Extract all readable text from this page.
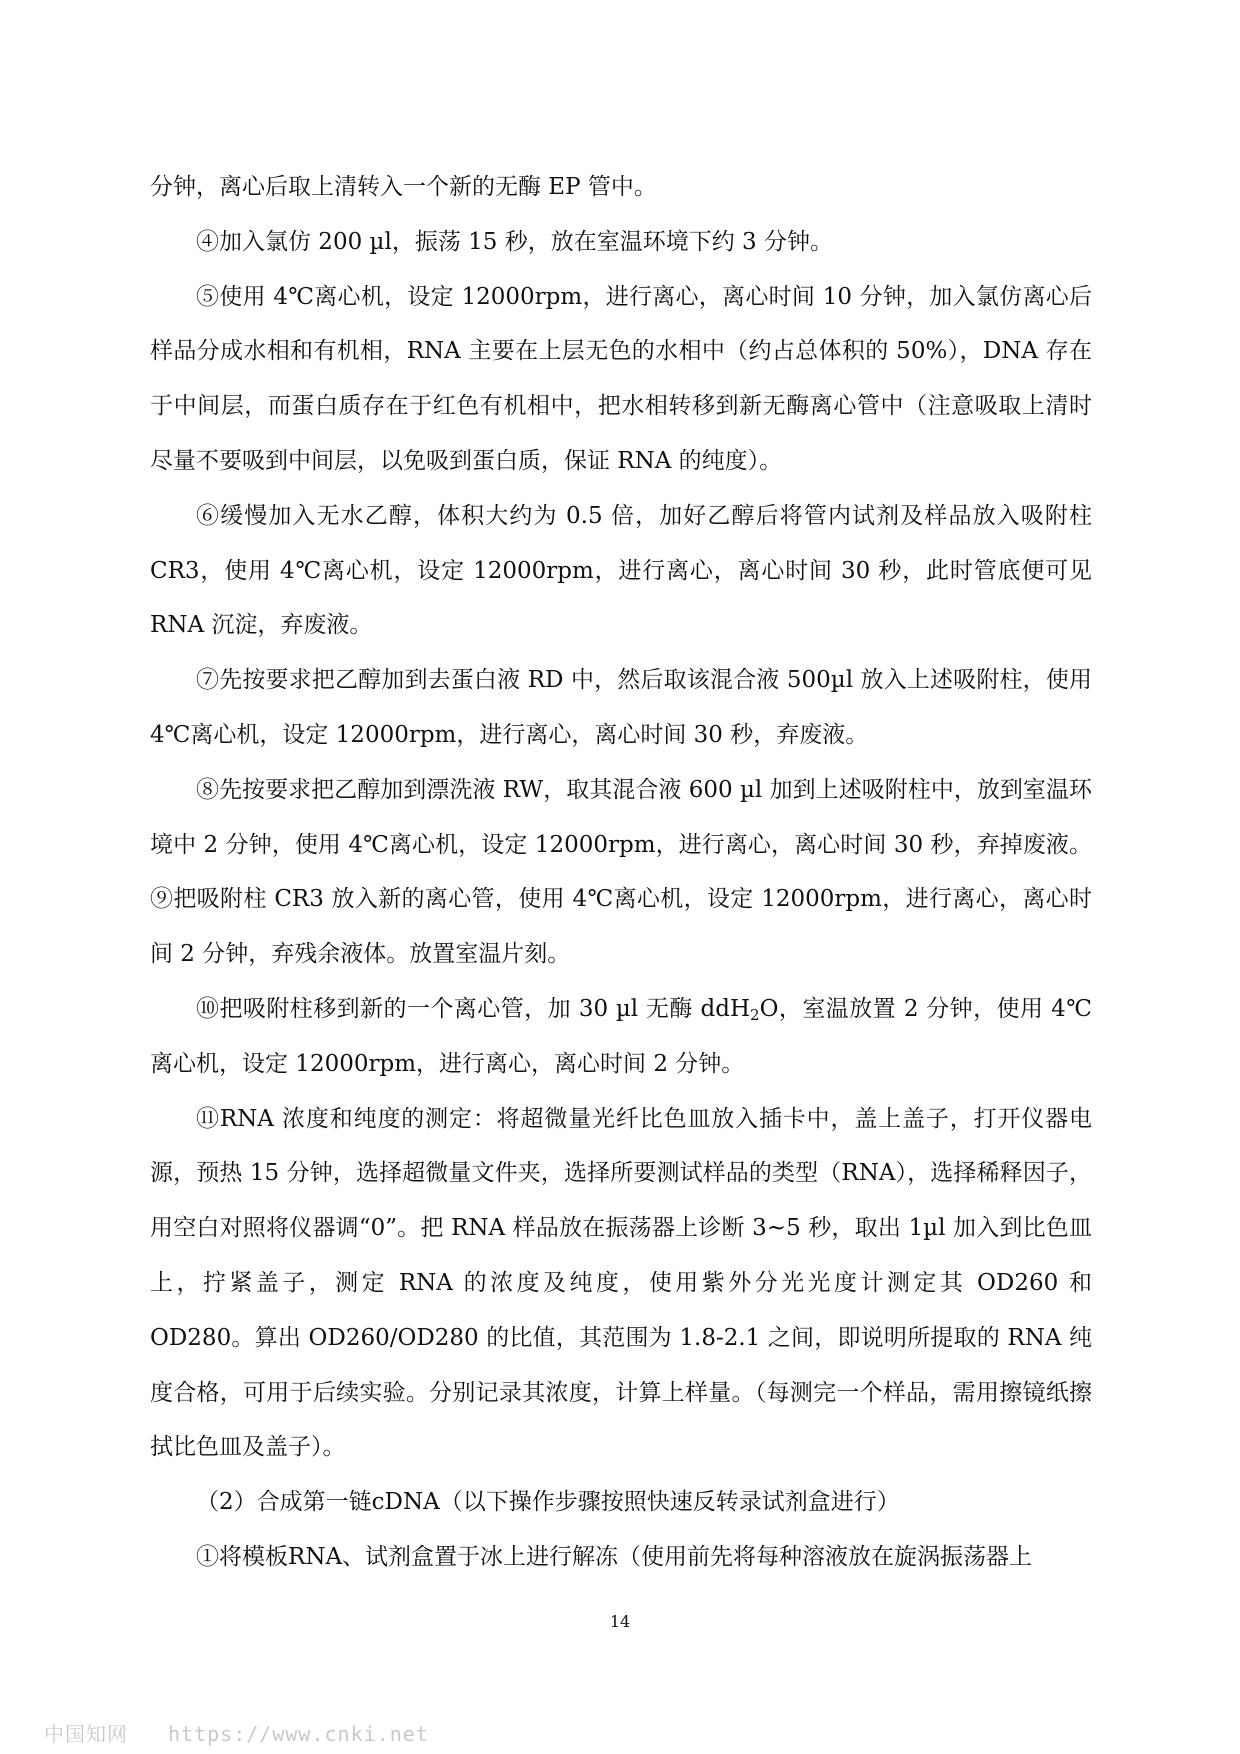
分钟，离心后取上清转入一个新的无酶 EP 管中。

④加入氯仿 200 µl，振荡 15 秒，放在室温环境下约 3 分钟。

⑤使用 4℃离心机，设定 12000rpm，进行离心，离心时间 10 分钟，加入氯仿离心后样品分成水相和有机相，RNA 主要在上层无色的水相中（约占总体积的 50%），DNA 存在于中间层，而蛋白质存在于红色有机相中，把水相转移到新无酶离心管中（注意吸取上清时尽量不要吸到中间层，以免吸到蛋白质，保证 RNA 的纯度）。

⑥缓慢加入无水乙醇，体积大约为 0.5 倍，加好乙醇后将管内试剂及样品放入吸附柱 CR3，使用 4℃离心机，设定 12000rpm，进行离心，离心时间 30 秒，此时管底便可见 RNA 沉淀，弃废液。

⑦先按要求把乙醇加到去蛋白液 RD 中，然后取该混合液 500µl 放入上述吸附柱，使用 4℃离心机，设定 12000rpm，进行离心，离心时间 30 秒，弃废液。

⑧先按要求把乙醇加到漂洗液 RW，取其混合液 600 µl 加到上述吸附柱中，放到室温环境中 2 分钟，使用 4℃离心机，设定 12000rpm，进行离心，离心时间 30 秒，弃掉废液。⑨把吸附柱 CR3 放入新的离心管，使用 4℃离心机，设定 12000rpm，进行离心，离心时间 2 分钟，弃残余液体。放置室温片刻。

⑩把吸附柱移到新的一个离心管，加 30 µl 无酶 ddH$_2$O，室温放置 2 分钟，使用 4℃离心机，设定 12000rpm，进行离心，离心时间 2 分钟。

⑪RNA 浓度和纯度的测定：将超微量光纤比色皿放入插卡中，盖上盖子，打开仪器电源，预热 15 分钟，选择超微量文件夹，选择所要测试样品的类型（RNA），选择稀释因子，用空白对照将仪器调“0”。把 RNA 样品放在振荡器上诊断 3~5 秒，取出 1µl 加入到比色皿上，拧紧盖子，测定 RNA 的浓度及纯度，使用紫外分光光度计测定其 OD260 和 OD280。算出 OD260/OD280 的比值，其范围为 1.8-2.1 之间，即说明所提取的 RNA 纯度合格，可用于后续实验。分别记录其浓度，计算上样量。（每测完一个样品，需用擦镜纸擦拭比色皿及盖子）。

（2）合成第一链cDNA（以下操作步骤按照快速反转录试剂盒进行）

①将模板RNA、试剂盒置于冰上进行解冻（使用前先将每种溶液放在旋涡振荡器上

14
中国知网 https://www.cnki.net
